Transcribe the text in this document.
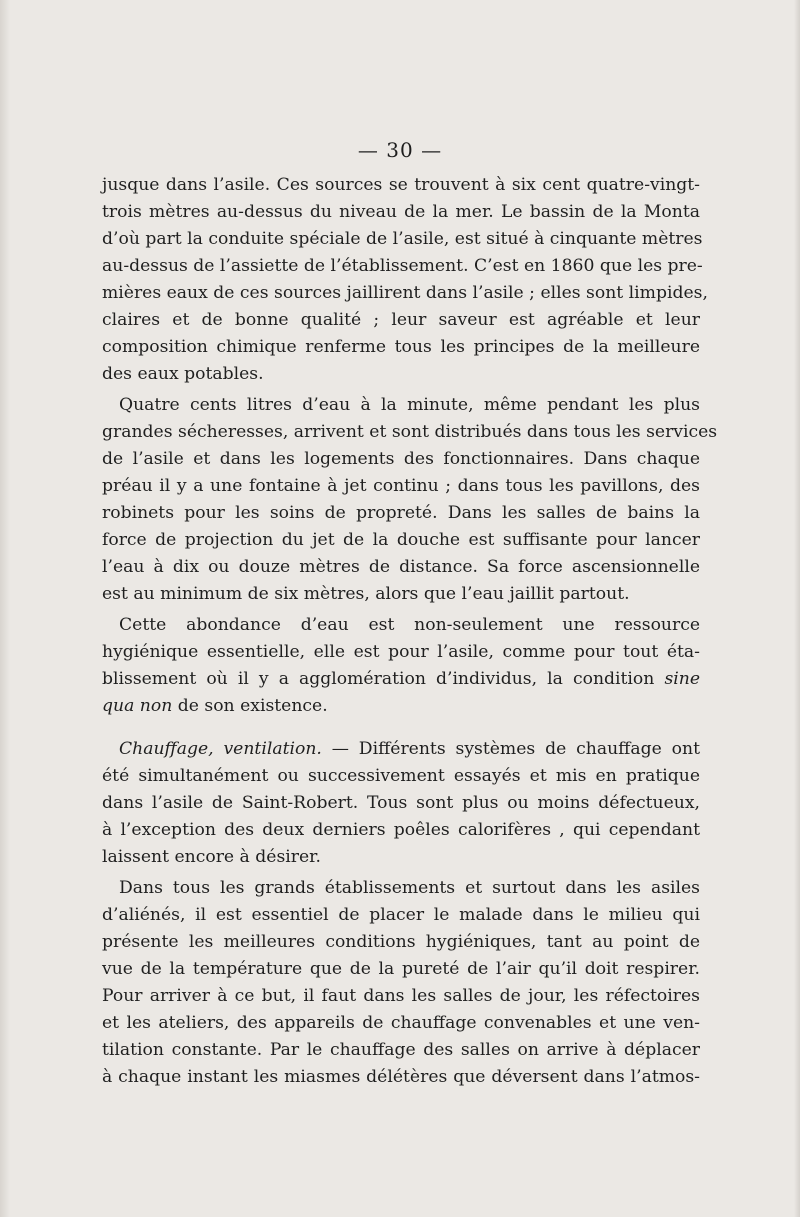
— 30 —
jusque dans l’asile. Ces sources se trouvent à six cent quatre-vingt-
trois mètres au-dessus du niveau de la mer. Le bassin de la Monta
d’où part la conduite spéciale de l’asile, est situé à cinquante mètres
au-dessus de l’assiette de l’établissement. C’est en 1860 que les pre-
mières eaux de ces sources jaillirent dans l’asile ; elles sont limpides,
claires et de bonne qualité ; leur saveur est agréable et leur
composition chimique renferme tous les principes de la meilleure
des eaux potables.
Quatre cents litres d’eau à la minute, même pendant les plus
grandes sécheresses, arrivent et sont distribués dans tous les services
de l’asile et dans les logements des fonctionnaires. Dans chaque
préau il y a une fontaine à jet continu ; dans tous les pavillons, des
robinets pour les soins de propreté. Dans les salles de bains la
force de projection du jet de la douche est suffisante pour lancer
l’eau à dix ou douze mètres de distance. Sa force ascensionnelle
est au minimum de six mètres, alors que l’eau jaillit partout.
Cette abondance d’eau est non-seulement une ressource
hygiénique essentielle, elle est pour l’asile, comme pour tout éta-
blissement où il y a agglomération d’individus, la condition sine
qua non de son existence.
Chauffage, ventilation. — Différents systèmes de chauffage ont
été simultanément ou successivement essayés et mis en pratique
dans l’asile de Saint-Robert. Tous sont plus ou moins défectueux,
à l’exception des deux derniers poêles calorifères , qui cependant
laissent encore à désirer.
Dans tous les grands établissements et surtout dans les asiles
d’aliénés, il est essentiel de placer le malade dans le milieu qui
présente les meilleures conditions hygiéniques, tant au point de
vue de la température que de la pureté de l’air qu’il doit respirer.
Pour arriver à ce but, il faut dans les salles de jour, les réfectoires
et les ateliers, des appareils de chauffage convenables et une ven-
tilation constante. Par le chauffage des salles on arrive à déplacer
à chaque instant les miasmes délétères que déversent dans l’atmos-
